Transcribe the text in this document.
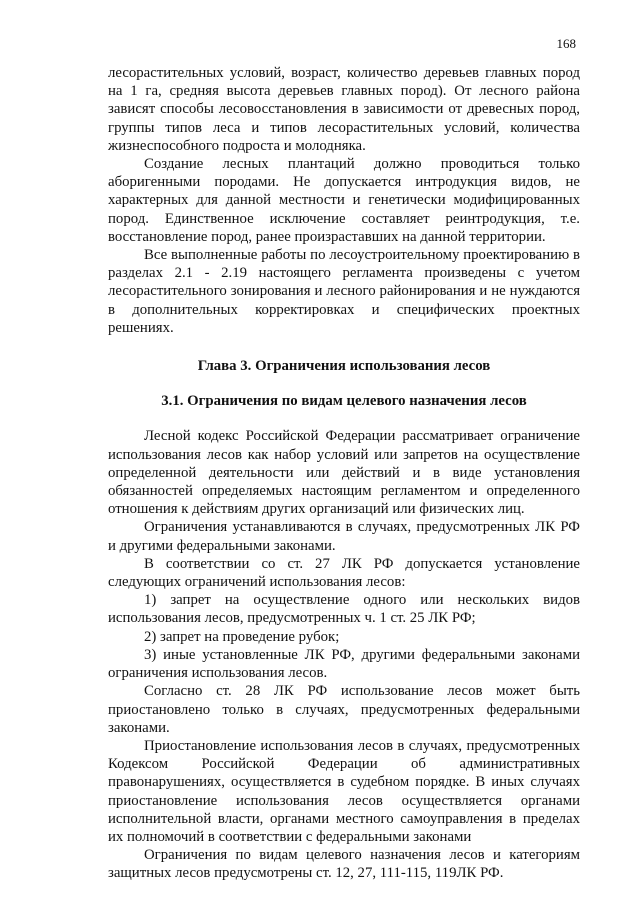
168

лесорастительных условий, возраст, количество деревьев главных пород на 1 га, средняя высота деревьев главных пород). От лесного района зависят способы лесовосстановления в зависимости от древесных пород, группы типов леса и типов лесорастительных условий, количества жизнеспособного подроста и молодняка.

Создание лесных плантаций должно проводиться только аборигенными породами. Не допускается интродукция видов, не характерных для данной местности и генетически модифицированных пород. Единственное исключение составляет реинтродукция, т.е. восстановление пород, ранее произраставших на данной территории.

Все выполненные работы по лесоустроительному проектированию в разделах 2.1 - 2.19 настоящего регламента произведены с учетом лесорастительного зонирования и лесного районирования и не нуждаются в дополнительных корректировках и специфических проектных решениях.

Глава 3. Ограничения использования лесов
3.1. Ограничения по видам целевого назначения лесов

Лесной кодекс Российской Федерации рассматривает ограничение использования лесов как набор условий или запретов на осуществление определенной деятельности или действий и в виде установления обязанностей определяемых настоящим регламентом и определенного отношения к действиям других организаций или физических лиц.

Ограничения устанавливаются в случаях, предусмотренных ЛК РФ и другими федеральными законами.

В соответствии со ст. 27 ЛК РФ допускается установление следующих ограничений использования лесов:

1) запрет на осуществление одного или нескольких видов использования лесов, предусмотренных ч. 1 ст. 25 ЛК РФ;

2) запрет на проведение рубок;

3) иные установленные ЛК РФ, другими федеральными законами ограничения использования лесов.

Согласно ст. 28 ЛК РФ использование лесов может быть приостановлено только в случаях, предусмотренных федеральными законами.

Приостановление использования лесов в случаях, предусмотренных Кодексом Российской Федерации об административных правонарушениях, осуществляется в судебном порядке. В иных случаях приостановление использования лесов осуществляется органами исполнительной власти, органами местного самоуправления в пределах их полномочий в соответствии с федеральными законами

Ограничения по видам целевого назначения лесов и категориям защитных лесов предусмотрены ст. 12, 27, 111-115, 119ЛК РФ.
